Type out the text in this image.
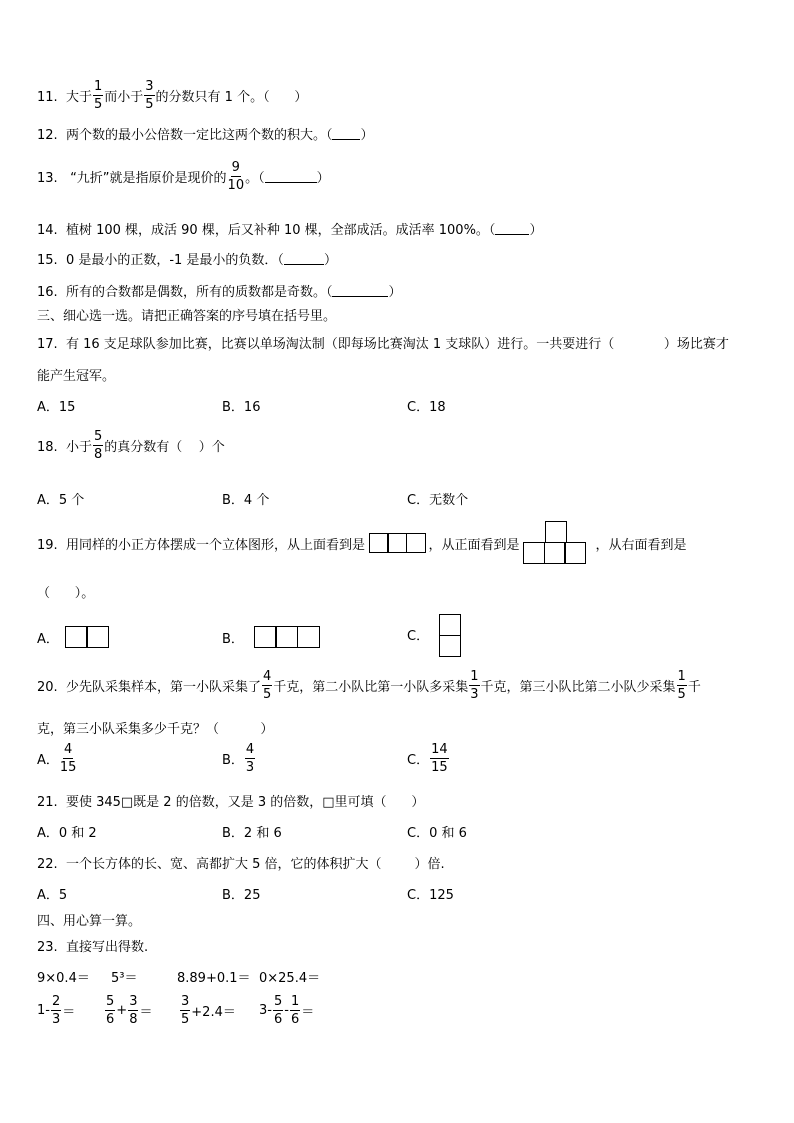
11.  大于 $\frac{1}{5}$ 而小于 $\frac{3}{5}$ 的分数只有 1 个。（      ）
12.  两个数的最小公倍数一定比这两个数的积大。（ ）
13.   “九折”就是指原价是现价的 $\frac{9}{10}$ 。（	）
14.  植树 100 棵，成活 90 棵，后又补种 10 棵，全部成活。成活率 100%。（	）
15.  0 是最小的正数，-1 是最小的负数．（	）
16.  所有的合数都是偶数，所有的质数都是奇数。（	）
三、细心选一选。请把正确答案的序号填在括号里。
17.  有 16 支足球队参加比赛，比赛以单场淘汰制（即每场比赛淘汰 1 支球队）进行。一共要进行（            ）场比赛才
能产生冠军。
A．15	B．16	C．18
18.  小于 $\frac{5}{8}$ 的真分数有（    ）个
A．5 个	B．4 个	C．无数个
19.  用同样的小正方体摆成一个立体图形，从上面看到是	，从正面看到是	，从右面看到是
（      ）。
A．	B．	C．
20.  少先队采集样本，第一小队采集了 $\frac{4}{5}$ 千克，第二小队比第一小队多采集 $\frac{1}{3}$ 千克，第三小队比第二小队少采集 $\frac{1}{5}$ 千
克，第三小队采集多少千克？（          ）
A． $\frac{4}{15}$	B． $\frac{4}{3}$	C． $\frac{14}{15}$
21.  要使 345□既是 2 的倍数，又是 3 的倍数，□里可填（      ）
A．0 和 2	B．2 和 6	C．0 和 6
22.  一个长方体的长、宽、高都扩大 5 倍，它的体积扩大（        ）倍.
A．5	B．25	C．125
四、用心算一算。
23.  直接写出得数.
9×0.4＝ 5³＝	8.89+0.1＝ 0×25.4＝
$1- \frac{2}{3} = \frac{5}{6} + \frac{3}{8} = \frac{3}{5} +2.4= 3- \frac{5}{6} - \frac{1}{6}$ ＝
